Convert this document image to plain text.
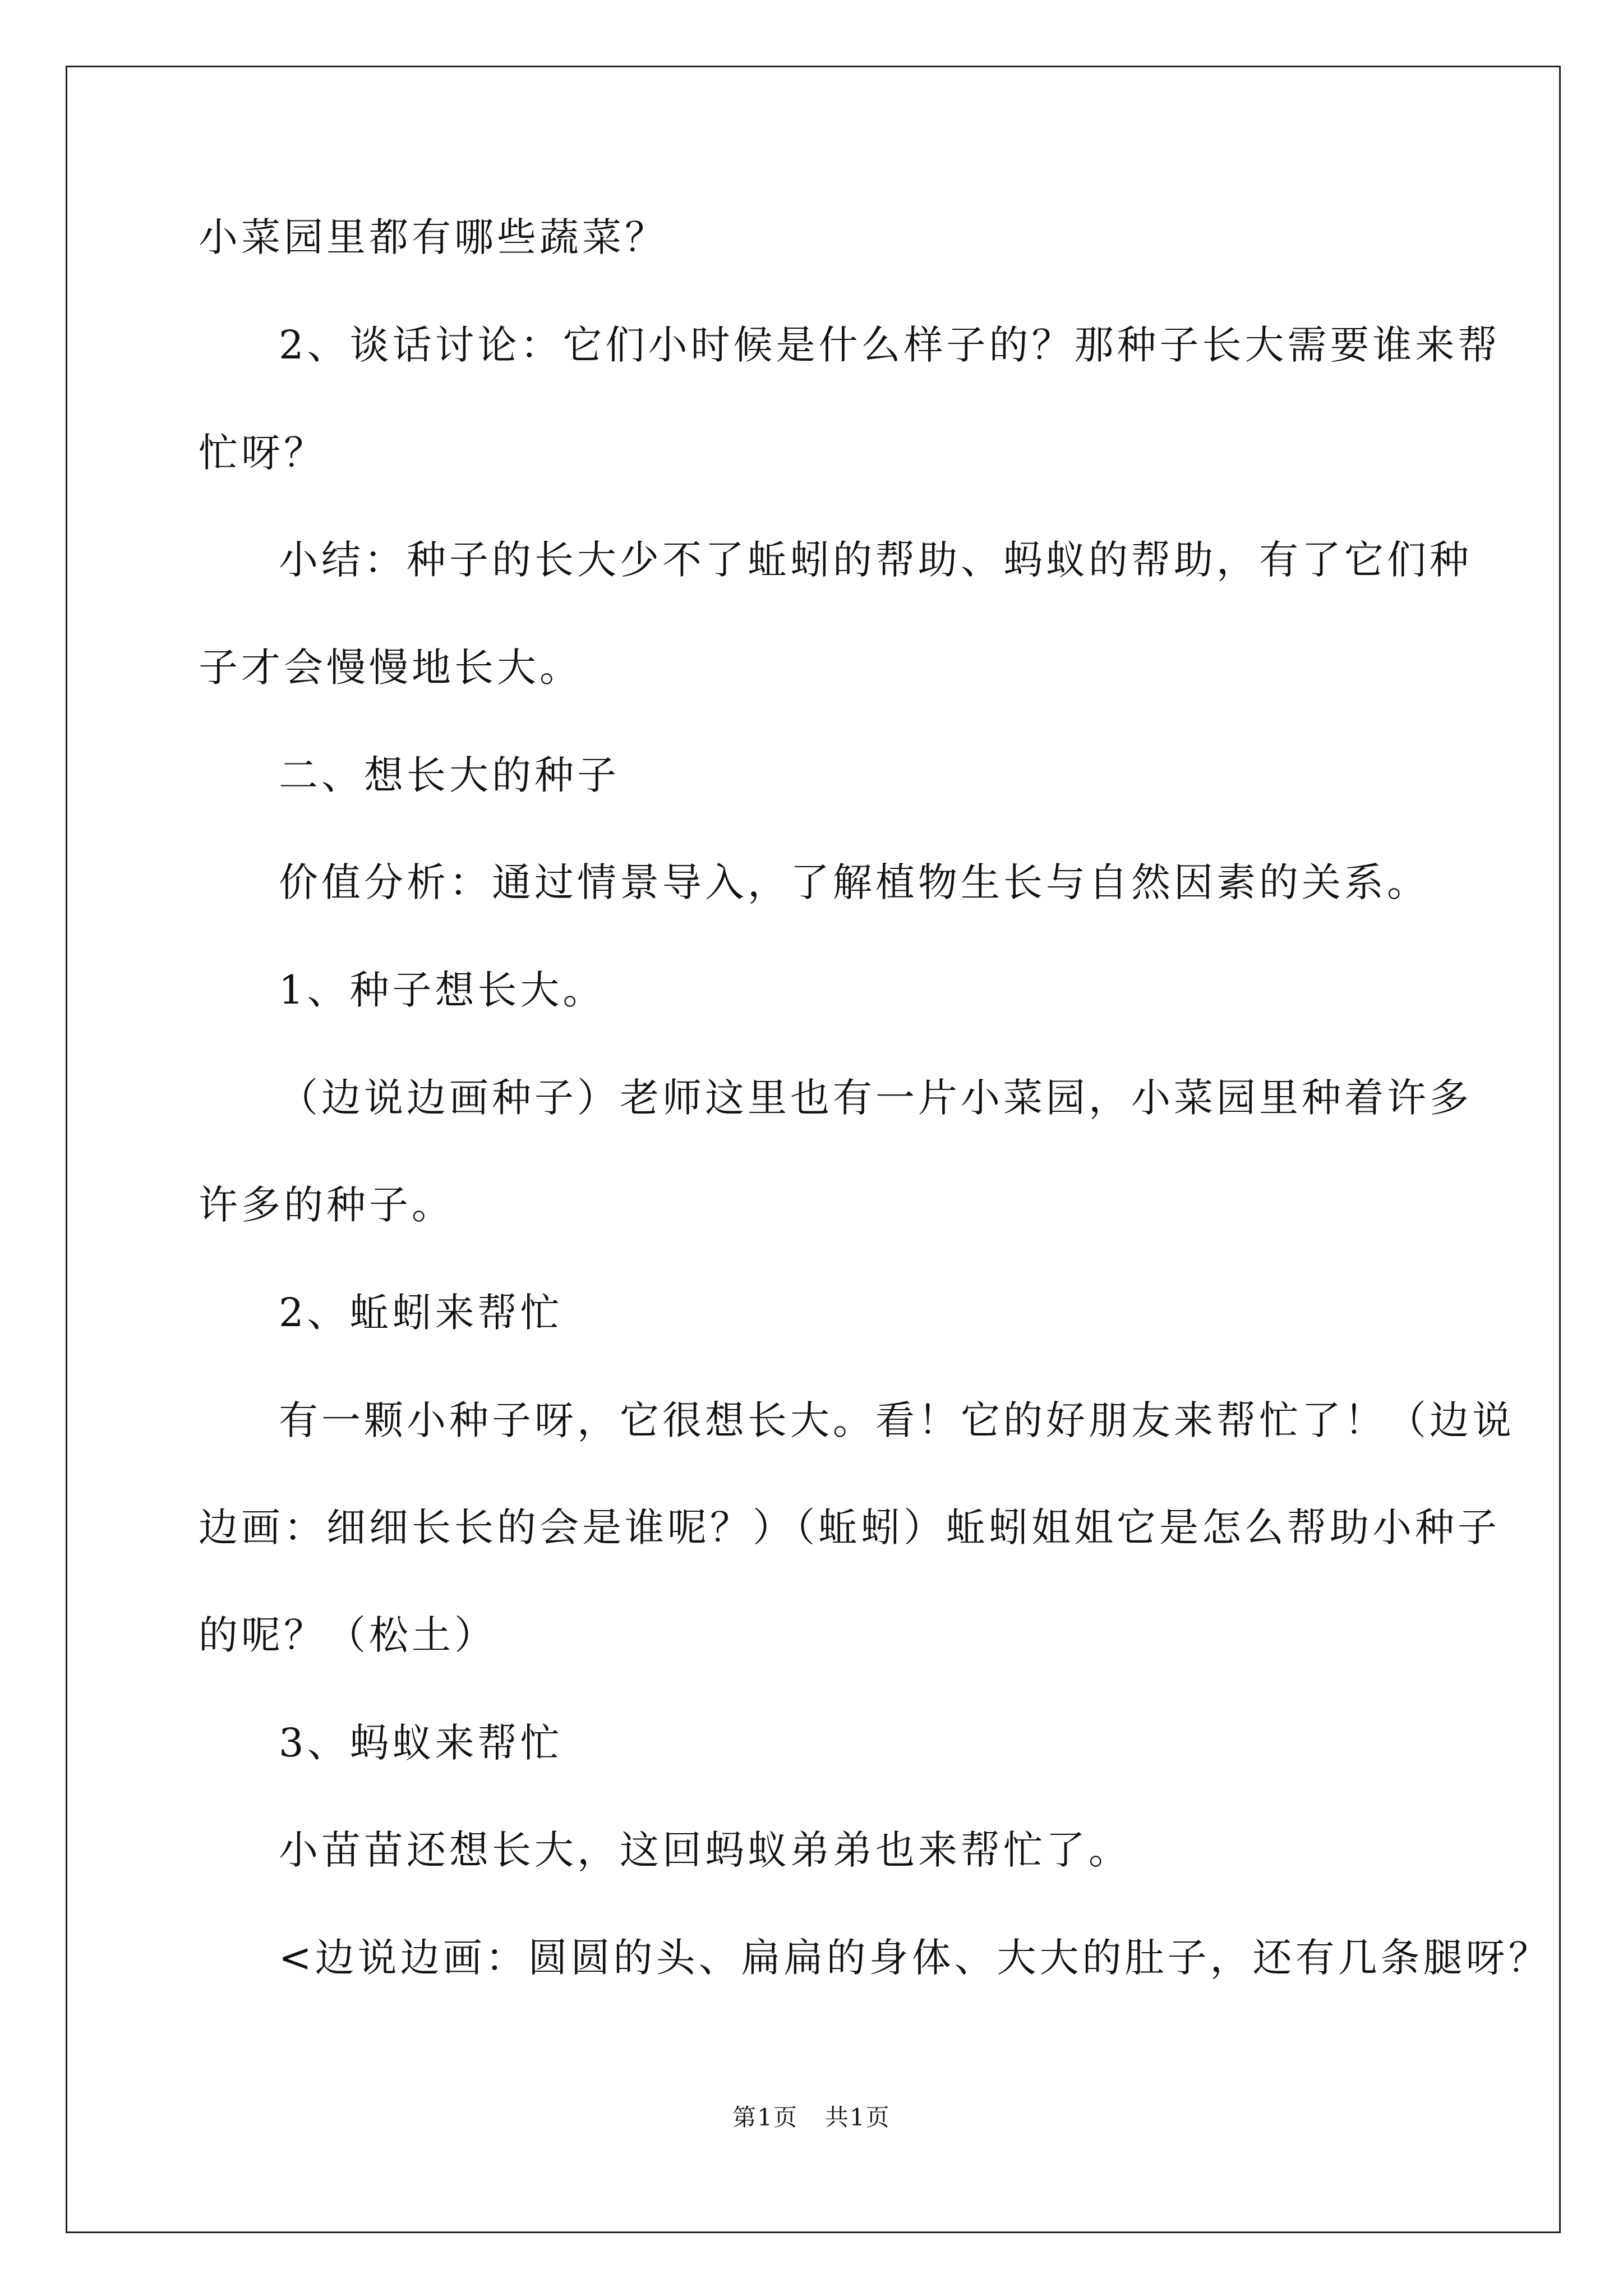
小菜园里都有哪些蔬菜？
2、谈话讨论：它们小时候是什么样子的？那种子长大需要谁来帮
忙呀？
小结：种子的长大少不了蚯蚓的帮助、蚂蚁的帮助，有了它们种
子才会慢慢地长大。
二、想长大的种子
价值分析：通过情景导入，了解植物生长与自然因素的关系。
1、种子想长大。
（边说边画种子）老师这里也有一片小菜园，小菜园里种着许多
许多的种子。
2、蚯蚓来帮忙
有一颗小种子呀，它很想长大。看！它的好朋友来帮忙了！（边说
边画：细细长长的会是谁呢？）（蚯蚓）蚯蚓姐姐它是怎么帮助小种子
的呢？（松土）
3、蚂蚁来帮忙
小苗苗还想长大，这回蚂蚁弟弟也来帮忙了。
<边说边画：圆圆的头、扁扁的身体、大大的肚子，还有几条腿呀？
第1页 共1页
